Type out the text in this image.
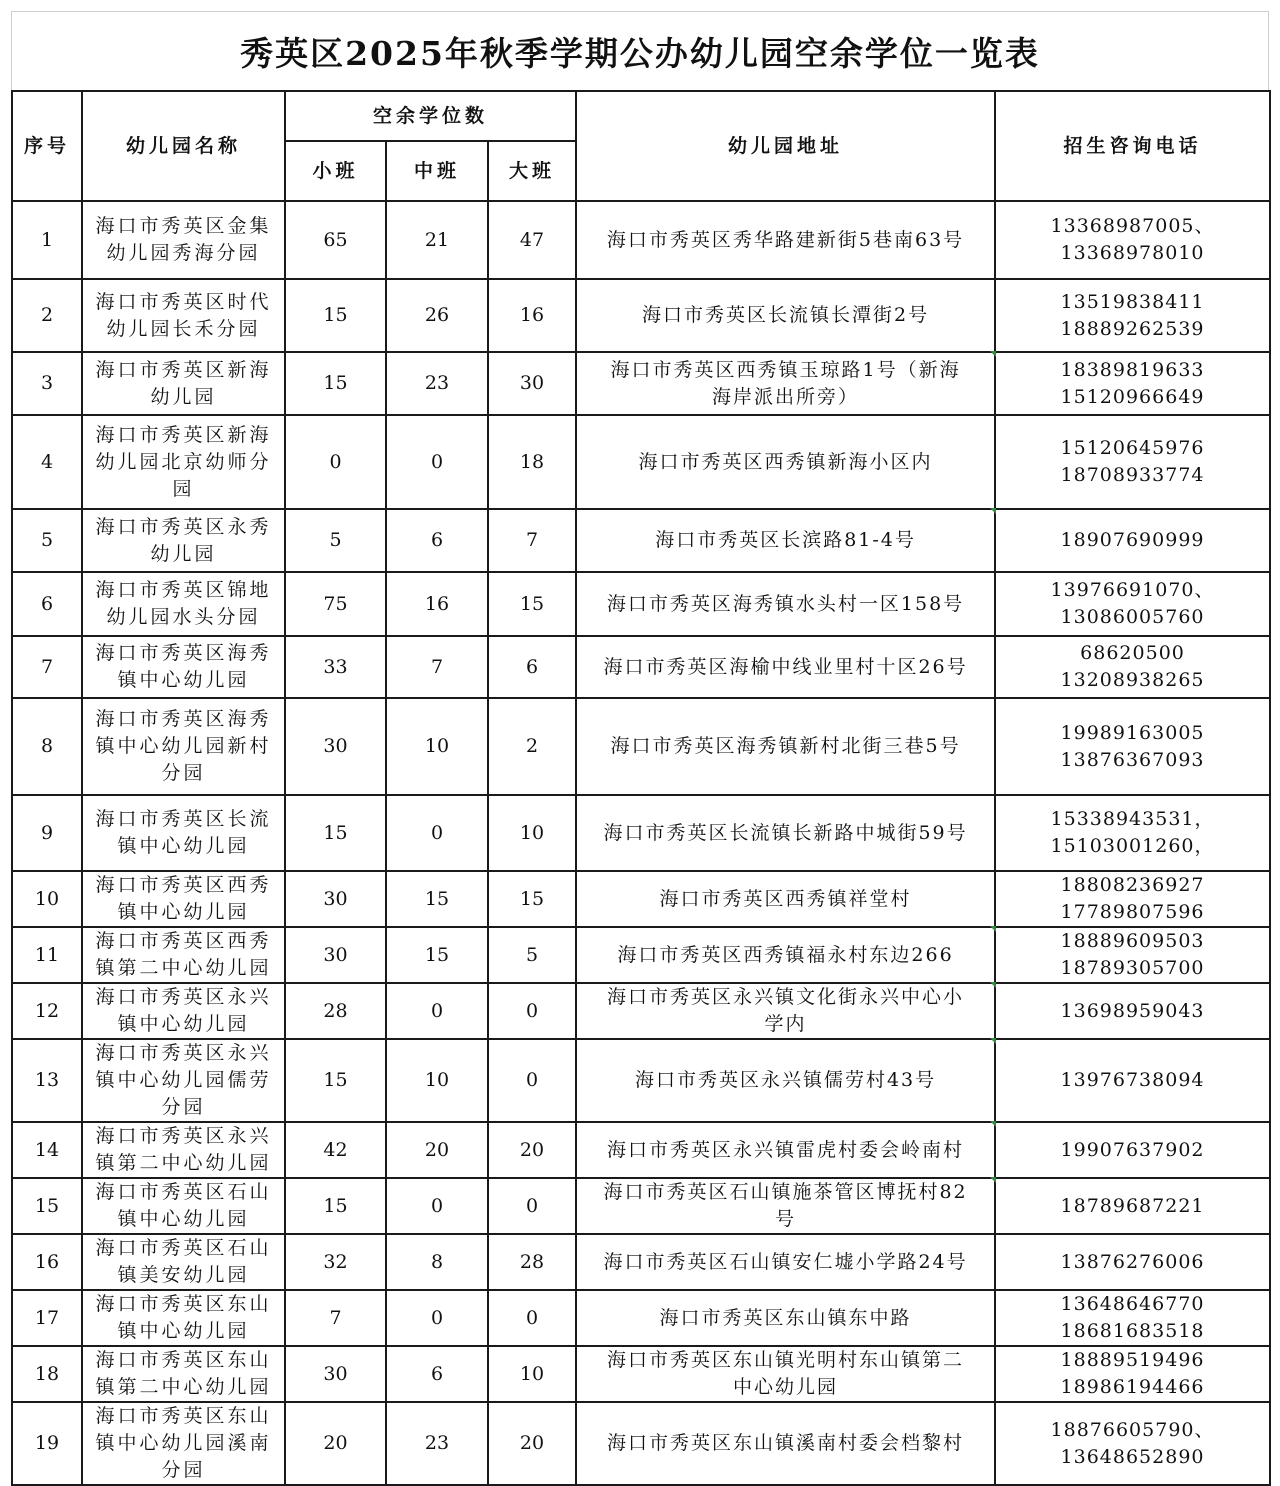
秀英区2025年秋季学期公办幼儿园空余学位一览表
序号	幼儿园名称	空余学位数			幼儿园地址	招生咨询电话
		小班	中班	大班		
1	海口市秀英区金集
幼儿园秀海分园	65	21	47	海口市秀英区秀华路建新街5巷南63号	13368987005、
13368978010

2	海口市秀英区时代
幼儿园长禾分园	15	26	16	海口市秀英区长流镇长潭街2号	13519838411
18889262539

3	海口市秀英区新海
幼儿园	15	23	30	海口市秀英区西秀镇玉琼路1号（新海
海岸派出所旁）	18389819633
15120966649

4	海口市秀英区新海
幼儿园北京幼师分
园	0	0	18	海口市秀英区西秀镇新海小区内	15120645976
18708933774

5	海口市秀英区永秀
幼儿园	5	6	7	海口市秀英区长滨路81-4号	18907690999

6	海口市秀英区锦地
幼儿园水头分园	75	16	15	海口市秀英区海秀镇水头村一区158号	13976691070、
13086005760

7	海口市秀英区海秀
镇中心幼儿园	33	7	6	海口市秀英区海榆中线业里村十区26号	68620500
13208938265

8	海口市秀英区海秀
镇中心幼儿园新村
分园	30	10	2	海口市秀英区海秀镇新村北街三巷5号	19989163005
13876367093

9	海口市秀英区长流
镇中心幼儿园	15	0	10	海口市秀英区长流镇长新路中城街59号	15338943531，
15103001260，

10	海口市秀英区西秀
镇中心幼儿园	30	15	15	海口市秀英区西秀镇祥堂村	18808236927
17789807596

11	海口市秀英区西秀
镇第二中心幼儿园	30	15	5	海口市秀英区西秀镇福永村东边266	18889609503
18789305700

12	海口市秀英区永兴
镇中心幼儿园	28	0	0	海口市秀英区永兴镇文化街永兴中心小
学内	13698959043

13	海口市秀英区永兴
镇中心幼儿园儒劳
分园	15	10	0	海口市秀英区永兴镇儒劳村43号	13976738094

14	海口市秀英区永兴
镇第二中心幼儿园	42	20	20	海口市秀英区永兴镇雷虎村委会岭南村	19907637902

15	海口市秀英区石山
镇中心幼儿园	15	0	0	海口市秀英区石山镇施茶管区博抚村82
号	18789687221

16	海口市秀英区石山
镇美安幼儿园	32	8	28	海口市秀英区石山镇安仁墟小学路24号	13876276006

17	海口市秀英区东山
镇中心幼儿园	7	0	0	海口市秀英区东山镇东中路	13648646770
18681683518

18	海口市秀英区东山
镇第二中心幼儿园	30	6	10	海口市秀英区东山镇光明村东山镇第二
中心幼儿园	18889519496
18986194466

19	海口市秀英区东山
镇中心幼儿园溪南
分园	20	23	20	海口市秀英区东山镇溪南村委会档黎村	18876605790、
13648652890
